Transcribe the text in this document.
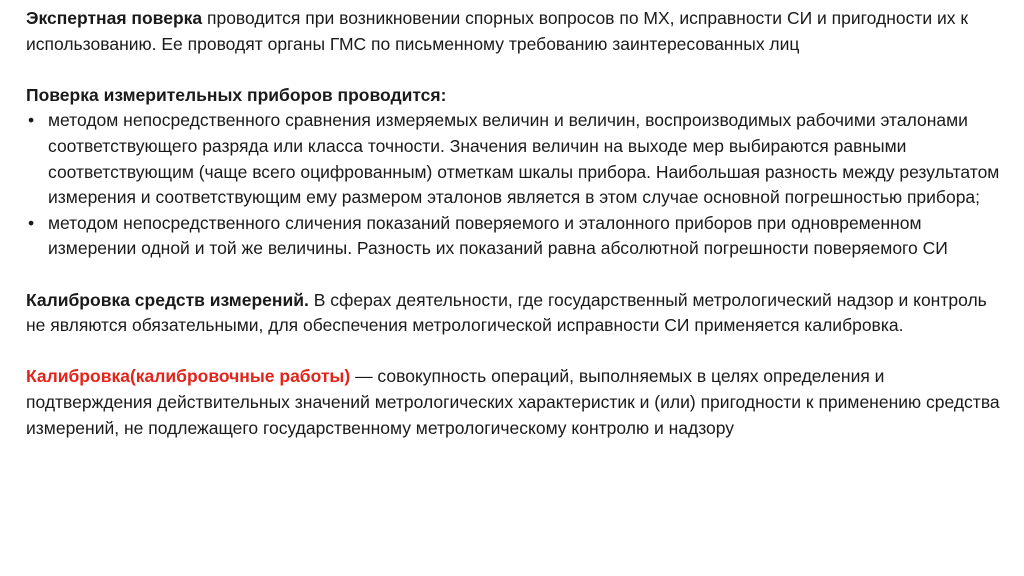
Экспертная поверка проводится при возникновении спорных вопросов по МХ, исправности СИ и пригодности их к использованию. Ее проводят органы ГМС по письменному требованию заинтересованных лиц

Поверка измерительных приборов проводится:

• методом непосредственного сравнения измеряемых величин и величин, воспроизводимых рабочими эталонами соответствующего разряда или класса точности. Значения величин на выходе мер выбираются равными соответствующим (чаще всего оцифрованным) отметкам шкалы прибора. Наибольшая разность между результатом измерения и соответствующим ему размером эталонов является в этом случае основной погрешностью прибора;
• методом непосредственного сличения показаний поверяемого и эталонного приборов при одновременном измерении одной и той же величины. Разность их показаний равна абсолютной погрешности поверяемого СИ

Калибровка средств измерений. В сферах деятельности, где государственный метрологический надзор и контроль не являются обязательными, для обеспечения метрологической исправности СИ применяется калибровка.

Калибровка(калибровочные работы) — совокупность операций, выполняемых в целях определения и подтверждения действительных значений метрологических характеристик и (или) пригодности к применению средства измерений, не подлежащего государственному метрологическому контролю и надзору
